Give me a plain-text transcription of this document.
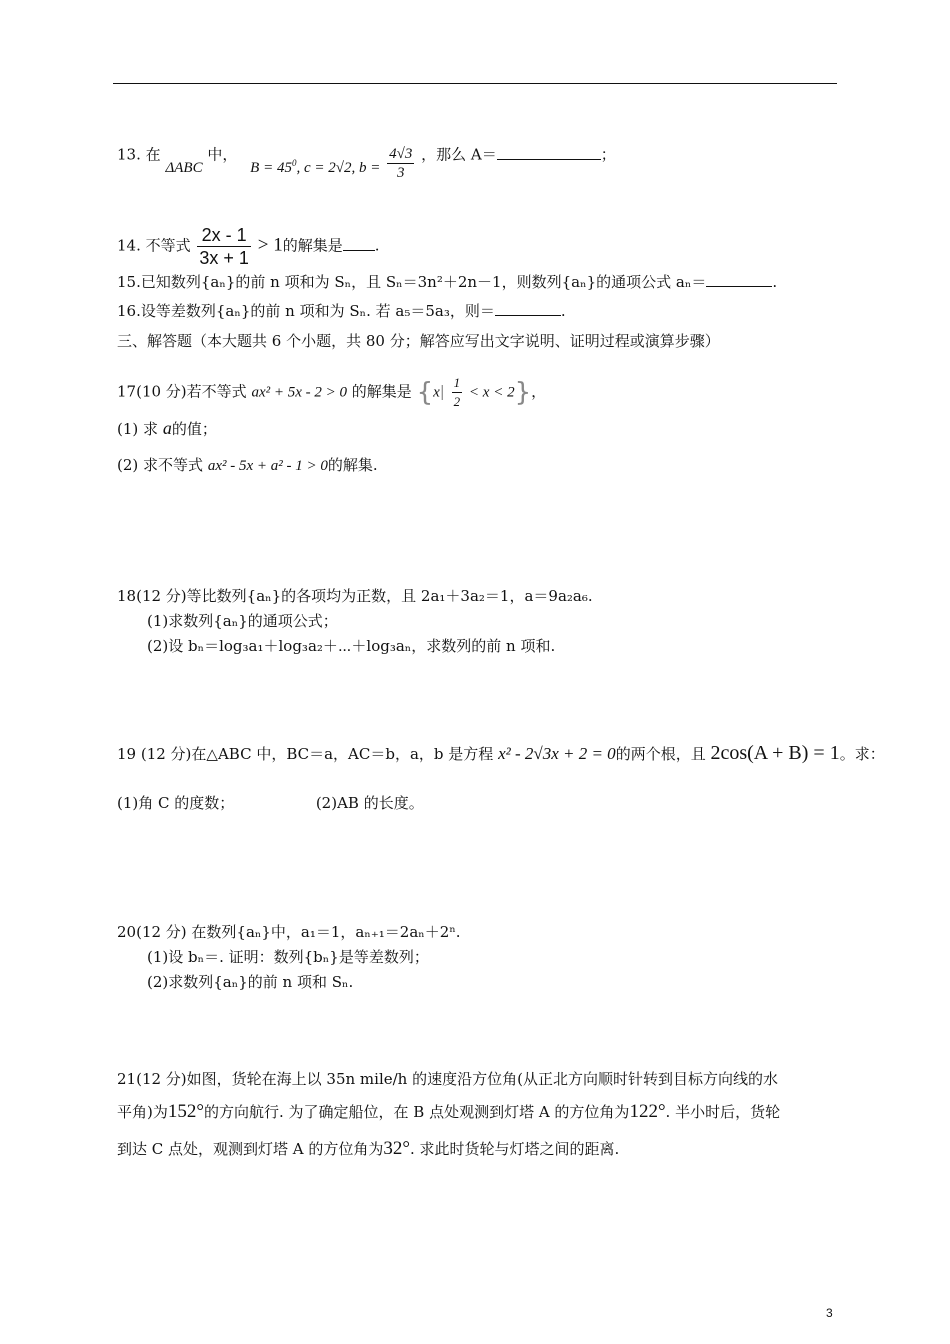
13. 在 ΔABC 中， $B = 45^0$, c = 2√2, $b = \frac{4√3}{3}$ ，那么 A＝	；
14. 不等式 $\frac{2x - 1}{3x + 1} > 1$的解集是 .
15.已知数列{aₙ}的前 n 项和为 Sₙ，且 Sₙ＝3n²＋2n－1，则数列{aₙ}的通项公式 aₙ＝	.
16.设等差数列{aₙ}的前 n 项和为 Sₙ. 若 a₅＝5a₃，则＝	.
三、解答题（本大题共 6 个小题，共 80 分；解答应写出文字说明、证明过程或演算步骤）
17(10 分)若不等式 ax² + 5x - 2 > 0 的解集是 $\{x| \frac{1}{2} < x < 2\}$，
(1) 求 a的值；
(2) 求不等式 ax² - 5x + a² - 1 > 0的解集.
18(12 分)等比数列{aₙ}的各项均为正数，且 2a₁＋3a₂＝1，a＝9a₂a₆.
(1)求数列{aₙ}的通项公式；
(2)设 bₙ＝log₃a₁＋log₃a₂＋⋯＋log₃aₙ，求数列的前 n 项和.
19 (12 分)在△ABC 中，BC＝a，AC＝b，a，b 是方程 x² - 2√3x + 2 = 0的两个根，且 2cos(A + B) = 1。求：
(1)角 C 的度数；	(2)AB 的长度。
20(12 分) 在数列{aₙ}中，a₁＝1，aₙ₊₁＝2aₙ＋2ⁿ.
(1)设 bₙ＝. 证明：数列{bₙ}是等差数列；
(2)求数列{aₙ}的前 n 项和 Sₙ.
21(12 分)如图，货轮在海上以 35n mile/h 的速度沿方位角(从正北方向顺时针转到目标方向线的水
平角)为152°的方向航行. 为了确定船位，在 B 点处观测到灯塔 A 的方位角为122°. 半小时后，货轮
到达 C 点处，观测到灯塔 A 的方位角为32°. 求此时货轮与灯塔之间的距离.
3
